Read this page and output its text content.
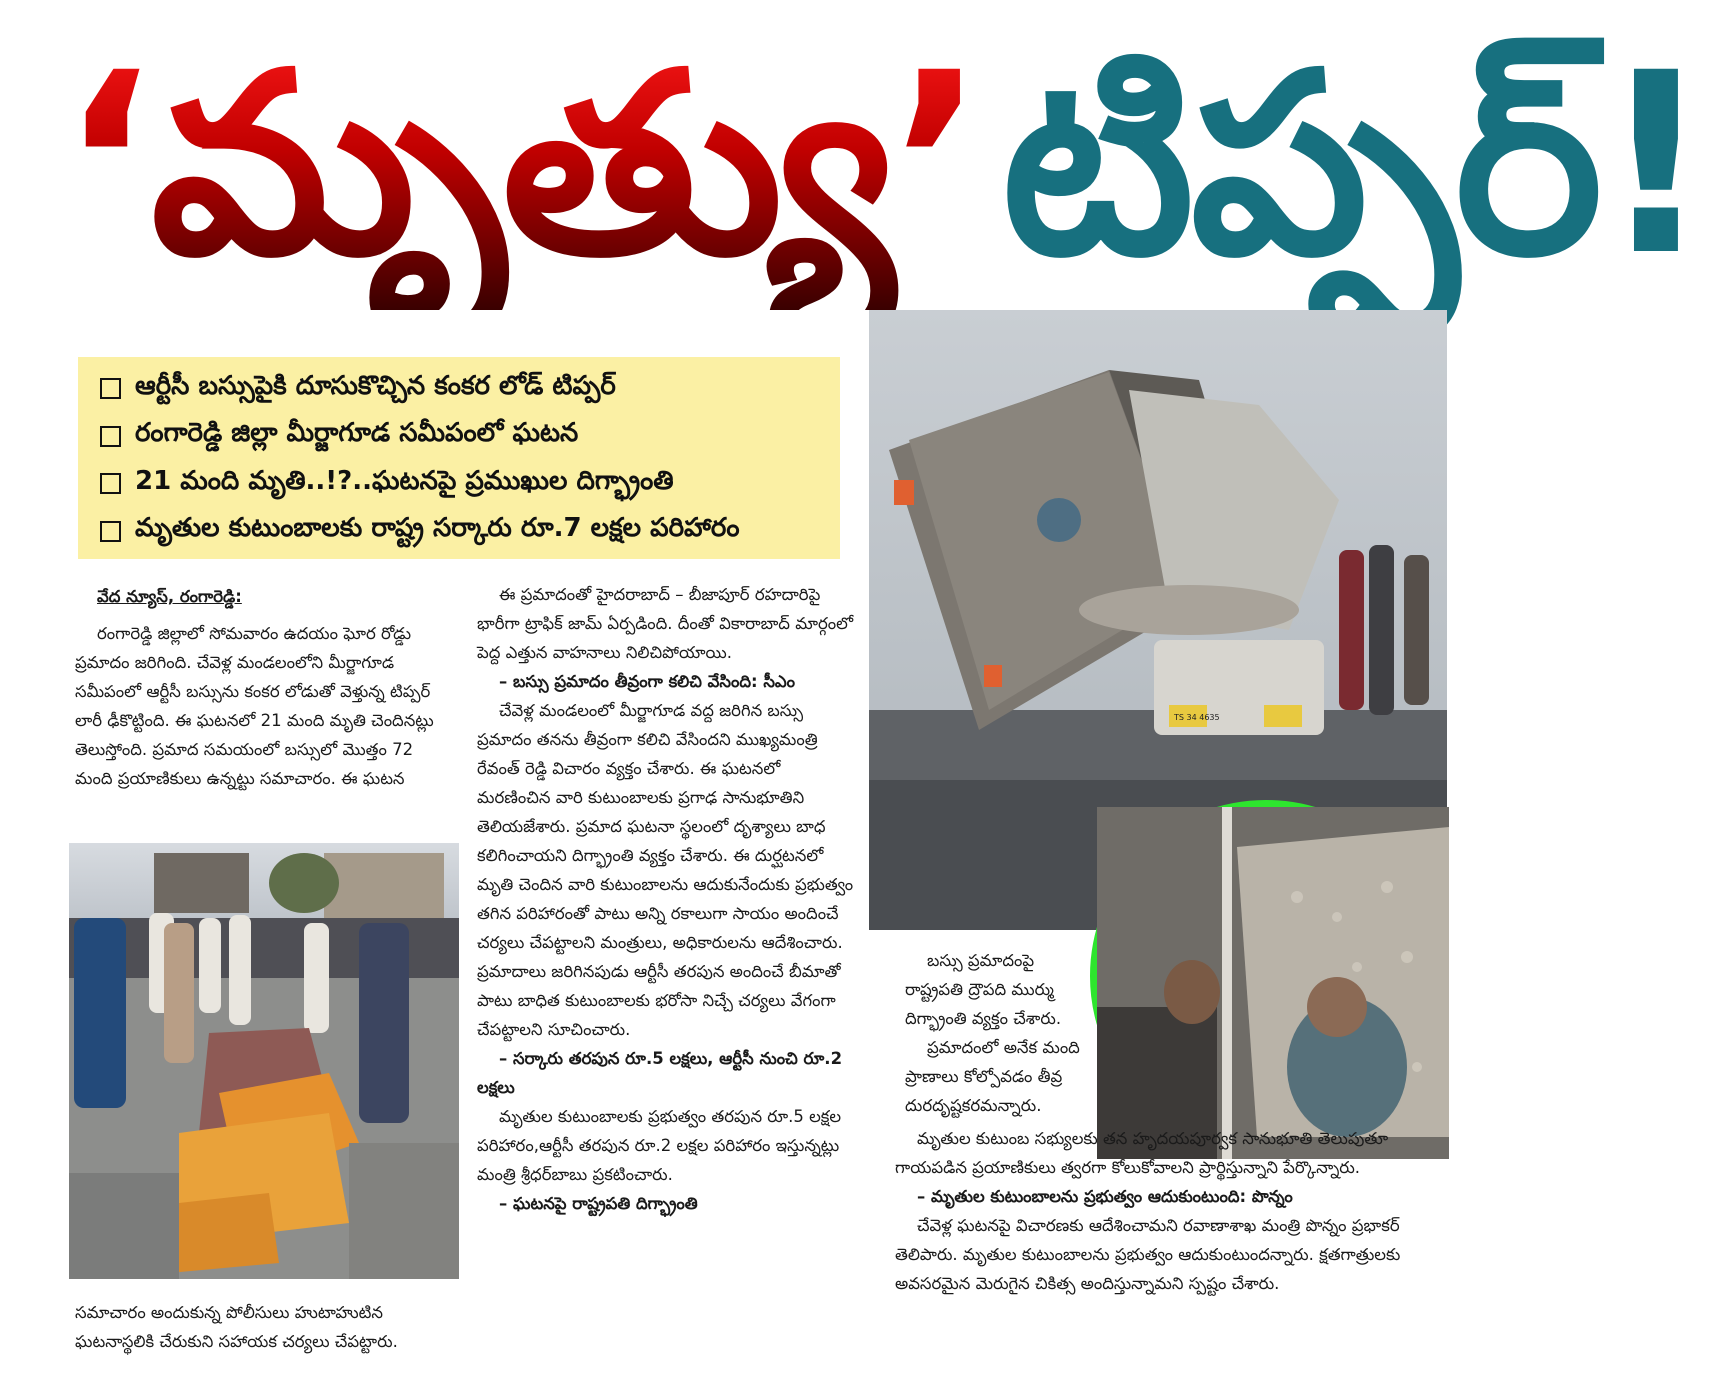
‘మృత్యు’టిప్పర్!
ఆర్టీసీ బస్సుపైకి దూసుకొచ్చిన కంకర లోడ్ టిప్పర్
రంగారెడ్డి జిల్లా మీర్జాగూడ సమీపంలో ఘటన
21 మంది మృతి..!?..ఘటనపై ప్రముఖుల దిగ్భ్రాంతి
మృతుల కుటుంబాలకు రాష్ట్ర సర్కారు రూ.7 లక్షల పరిహారం

వేద న్యూస్, రంగారెడ్డి:

రంగారెడ్డి జిల్లాలో సోమవారం ఉదయం ఘోర రోడ్డు ప్రమాదం జరిగింది. చేవెళ్ల మండలంలోని మీర్జాగూడ సమీపంలో ఆర్టీసీ బస్సును కంకర లోడుతో వెళ్తున్న టిప్పర్ లారీ ఢీకొట్టింది. ఈ ఘటనలో 21 మంది మృతి చెందినట్లు తెలుస్తోంది. ప్రమాద సమయంలో బస్సులో మొత్తం 72 మంది ప్రయాణికులు ఉన్నట్టు సమాచారం. ఈ ఘటన

సమాచారం అందుకున్న పోలీసులు హుటాహుటిన ఘటనాస్థలికి చేరుకుని సహాయక చర్యలు చేపట్టారు.

ఈ ప్రమాదంతో హైదరాబాద్ – బీజాపూర్ రహదారిపై భారీగా ట్రాఫిక్ జామ్ ఏర్పడింది. దీంతో వికారాబాద్ మార్గంలో పెద్ద ఎత్తున వాహనాలు నిలిచిపోయాయి.

– బస్సు ప్రమాదం తీవ్రంగా కలిచి వేసింది: సీఎం

చేవెళ్ల మండలంలో మీర్జాగూడ వద్ద జరిగిన బస్సు ప్రమాదం తనను తీవ్రంగా కలిచి వేసిందని ముఖ్యమంత్రి రేవంత్ రెడ్డి విచారం వ్యక్తం చేశారు. ఈ ఘటనలో మరణించిన వారి కుటుంబాలకు ప్రగాఢ సానుభూతిని తెలియజేశారు. ప్రమాద ఘటనా స్థలంలో దృశ్యాలు బాధ కలిగించాయని దిగ్భ్రాంతి వ్యక్తం చేశారు. ఈ దుర్ఘటనలో మృతి చెందిన వారి కుటుంబాలను ఆదుకునేందుకు ప్రభుత్వం తగిన పరిహారంతో పాటు అన్ని రకాలుగా సాయం అందించే చర్యలు చేపట్టాలని మంత్రులు, అధికారులను ఆదేశించారు. ప్రమాదాలు జరిగినపుడు ఆర్టీసీ తరపున అందించే బీమాతో పాటు బాధిత కుటుంబాలకు భరోసా నిచ్చే చర్యలు వేగంగా చేపట్టాలని సూచించారు.

– సర్కారు తరపున రూ.5 లక్షలు, ఆర్టీసీ నుంచి రూ.2 లక్షలు

మృతుల కుటుంబాలకు ప్రభుత్వం తరపున రూ.5 లక్షల పరిహారం,ఆర్టీసీ తరపున రూ.2 లక్షల పరిహారం ఇస్తున్నట్లు మంత్రి శ్రీధర్‌బాబు ప్రకటించారు.

– ఘటనపై రాష్ట్రపతి దిగ్భ్రాంతి

TS 34 4635

బస్సు ప్రమాదంపై రాష్ట్రపతి ద్రౌపది ముర్ము దిగ్భ్రాంతి వ్యక్తం చేశారు.

ప్రమాదంలో అనేక మంది ప్రాణాలు కోల్పోవడం తీవ్ర దురదృష్టకరమన్నారు.

మృతుల కుటుంబ సభ్యులకు తన హృదయపూర్వక సానుభూతి తెలుపుతూ గాయపడిన ప్రయాణికులు త్వరగా కోలుకోవాలని ప్రార్థిస్తున్నాని పేర్కొన్నారు.

– మృతుల కుటుంబాలను ప్రభుత్వం ఆదుకుంటుంది: పొన్నం

చేవెళ్ల ఘటనపై విచారణకు ఆదేశించామని రవాణాశాఖ మంత్రి పొన్నం ప్రభాకర్ తెలిపారు. మృతుల కుటుంబాలను ప్రభుత్వం ఆదుకుంటుందన్నారు. క్షతగాత్రులకు అవసరమైన మెరుగైన చికిత్స అందిస్తున్నామని స్పష్టం చేశారు.
